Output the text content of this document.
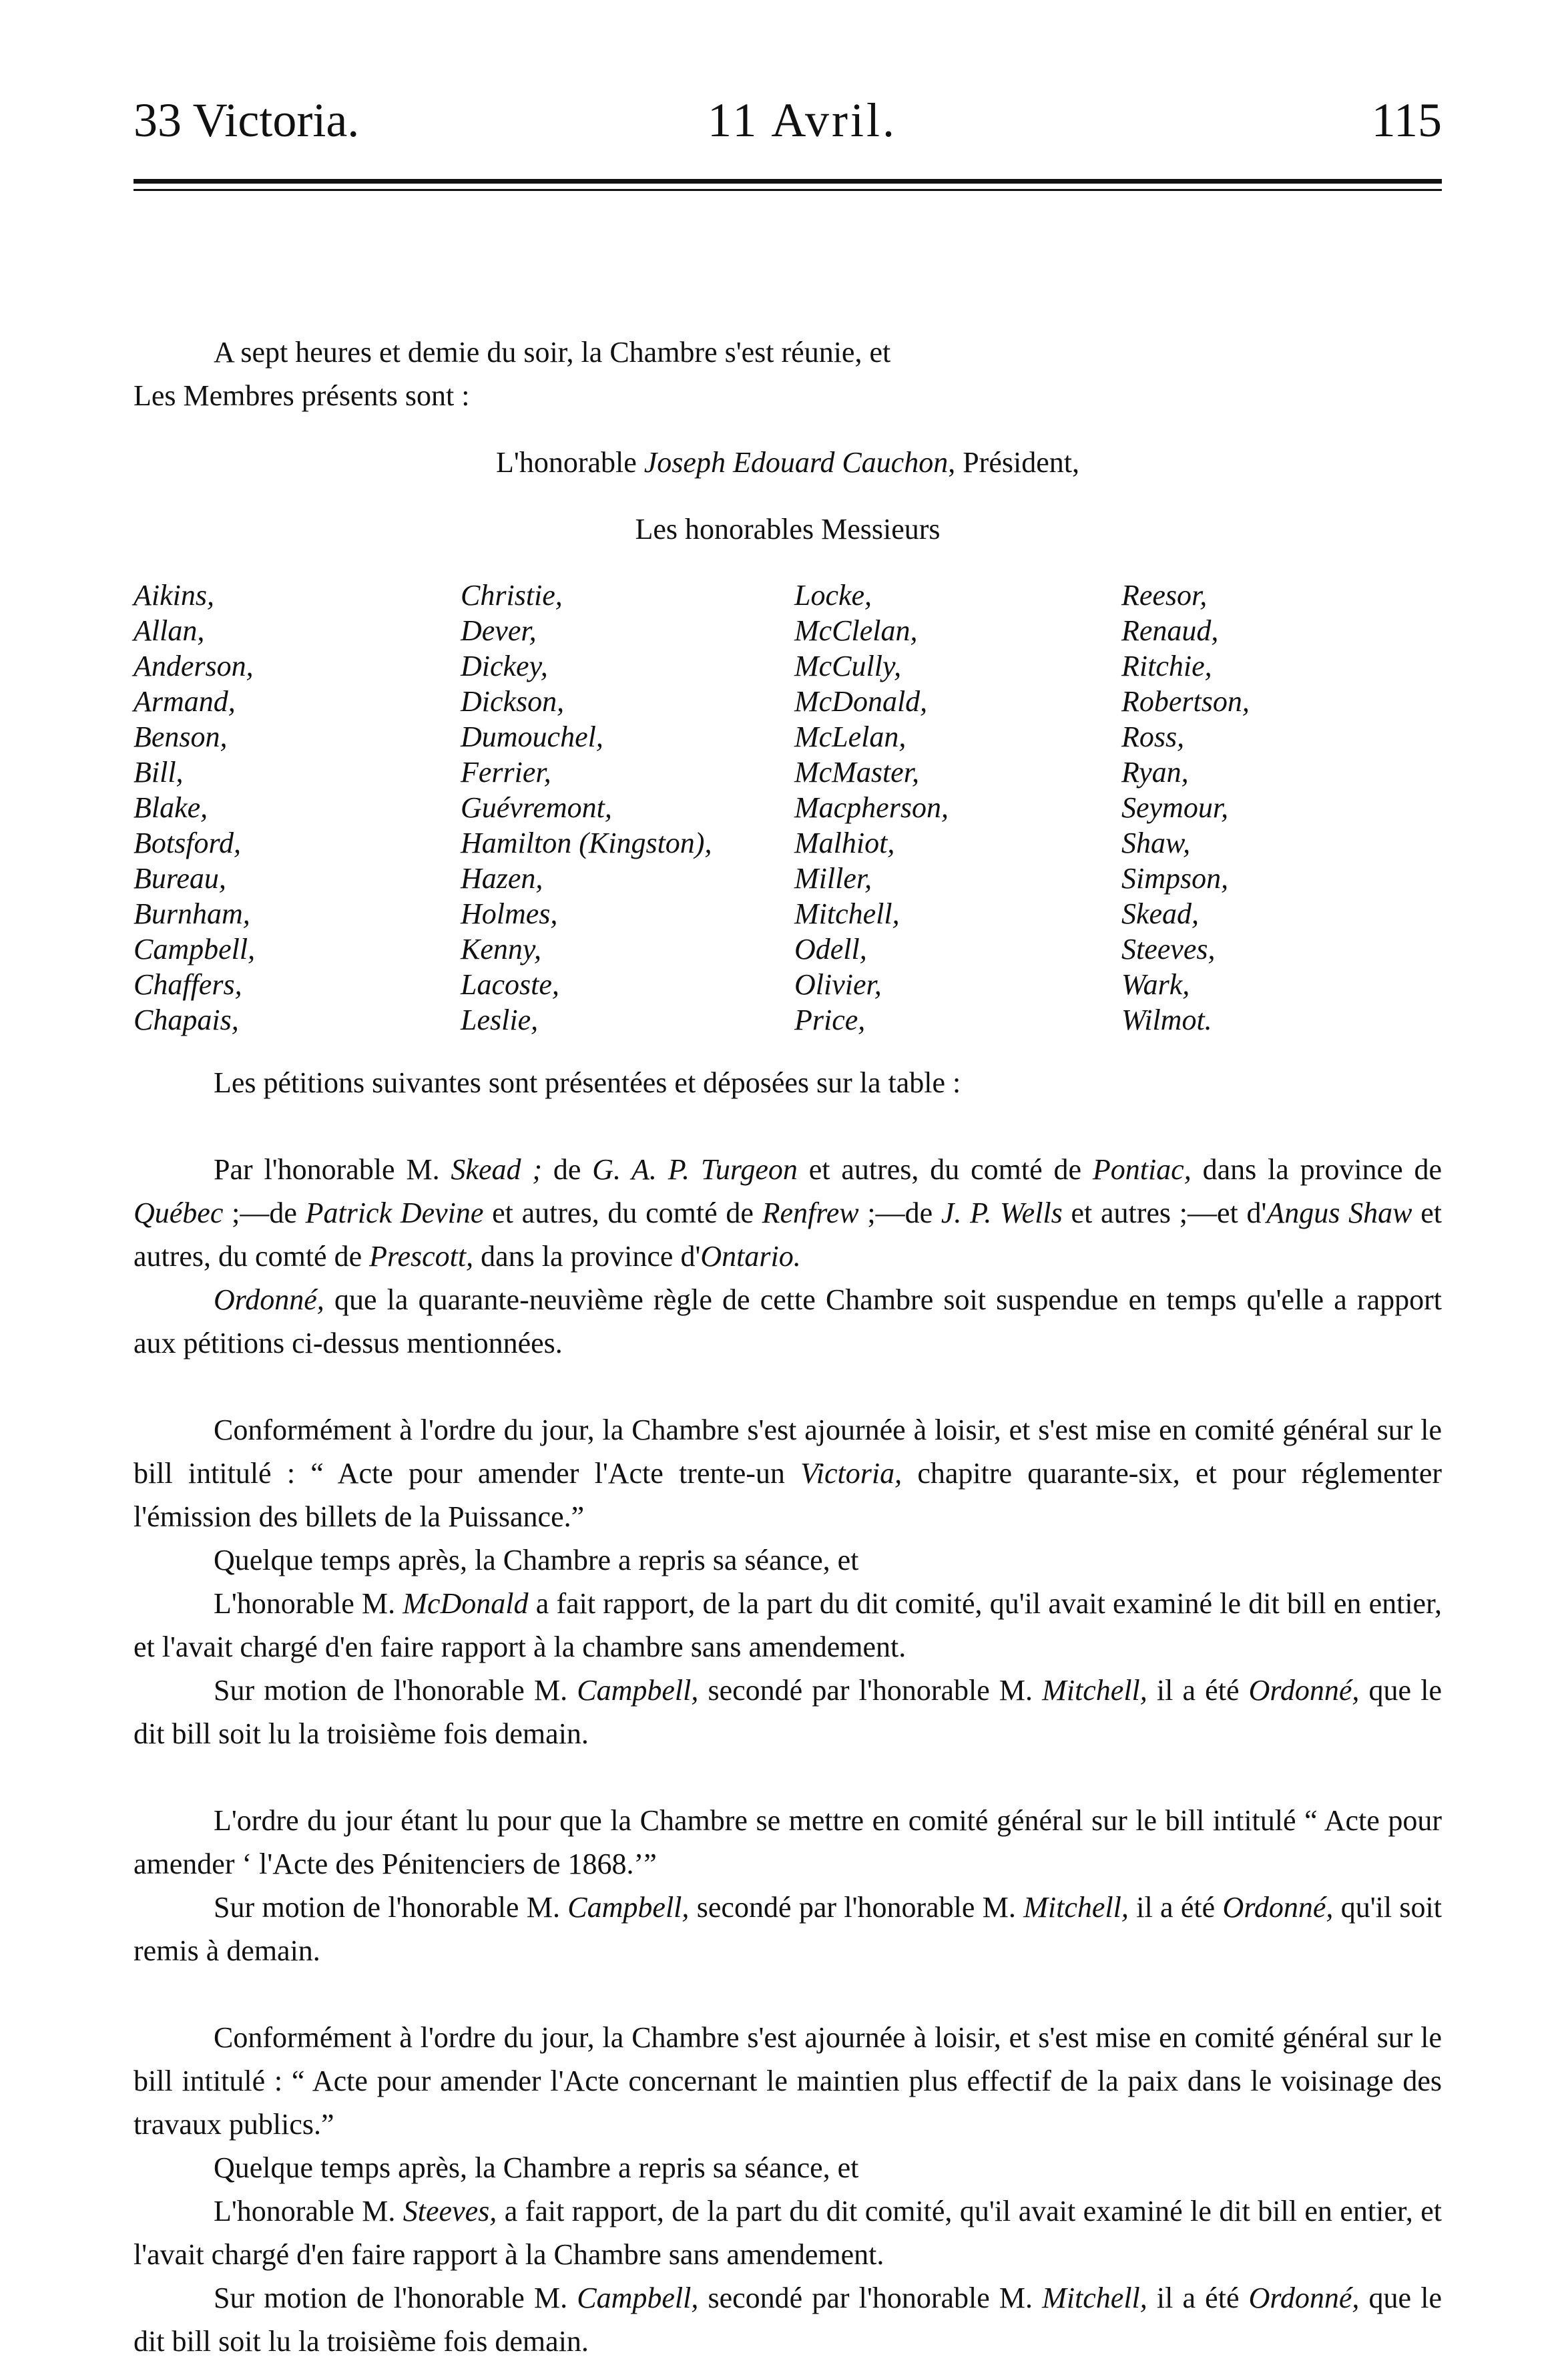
33 Victoria.	11 Avril.	115

A sept heures et demie du soir, la Chambre s'est réunie, et

Les Membres présents sont :

L'honorable Joseph Edouard Cauchon, Président,

Les honorables Messieurs

Aikins,
Allan,
Anderson,
Armand,
Benson,
Bill,
Blake,
Botsford,
Bureau,
Burnham,
Campbell,
Chaffers,
Chapais,
Christie,
Dever,
Dickey,
Dickson,
Dumouchel,
Ferrier,
Guévremont,
Hamilton (Kingston),
Hazen,
Holmes,
Kenny,
Lacoste,
Leslie,
Locke,
McClelan,
McCully,
McDonald,
McLelan,
McMaster,
Macpherson,
Malhiot,
Miller,
Mitchell,
Odell,
Olivier,
Price,
Reesor,
Renaud,
Ritchie,
Robertson,
Ross,
Ryan,
Seymour,
Shaw,
Simpson,
Skead,
Steeves,
Wark,
Wilmot.

Les pétitions suivantes sont présentées et déposées sur la table :

Par l'honorable M. Skead ; de G. A. P. Turgeon et autres, du comté de Pontiac, dans la province de Québec ;—de Patrick Devine et autres, du comté de Renfrew ;—de J. P. Wells et autres ;—et d'Angus Shaw et autres, du comté de Prescott, dans la province d'Ontario.

Ordonné, que la quarante-neuvième règle de cette Chambre soit suspendue en temps qu'elle a rapport aux pétitions ci-dessus mentionnées.

Conformément à l'ordre du jour, la Chambre s'est ajournée à loisir, et s'est mise en comité général sur le bill intitulé : “ Acte pour amender l'Acte trente-un Victoria, chapitre quarante-six, et pour réglementer l'émission des billets de la Puissance.”

Quelque temps après, la Chambre a repris sa séance, et

L'honorable M. McDonald a fait rapport, de la part du dit comité, qu'il avait examiné le dit bill en entier, et l'avait chargé d'en faire rapport à la chambre sans amendement.

Sur motion de l'honorable M. Campbell, secondé par l'honorable M. Mitchell, il a été Ordonné, que le dit bill soit lu la troisième fois demain.

L'ordre du jour étant lu pour que la Chambre se mettre en comité général sur le bill intitulé “ Acte pour amender ‘ l'Acte des Pénitenciers de 1868.’”

Sur motion de l'honorable M. Campbell, secondé par l'honorable M. Mitchell, il a été Ordonné, qu'il soit remis à demain.

Conformément à l'ordre du jour, la Chambre s'est ajournée à loisir, et s'est mise en comité général sur le bill intitulé : “ Acte pour amender l'Acte concernant le maintien plus effectif de la paix dans le voisinage des travaux publics.”

Quelque temps après, la Chambre a repris sa séance, et

L'honorable M. Steeves, a fait rapport, de la part du dit comité, qu'il avait examiné le dit bill en entier, et l'avait chargé d'en faire rapport à la Chambre sans amendement.

Sur motion de l'honorable M. Campbell, secondé par l'honorable M. Mitchell, il a été Ordonné, que le dit bill soit lu la troisième fois demain.
